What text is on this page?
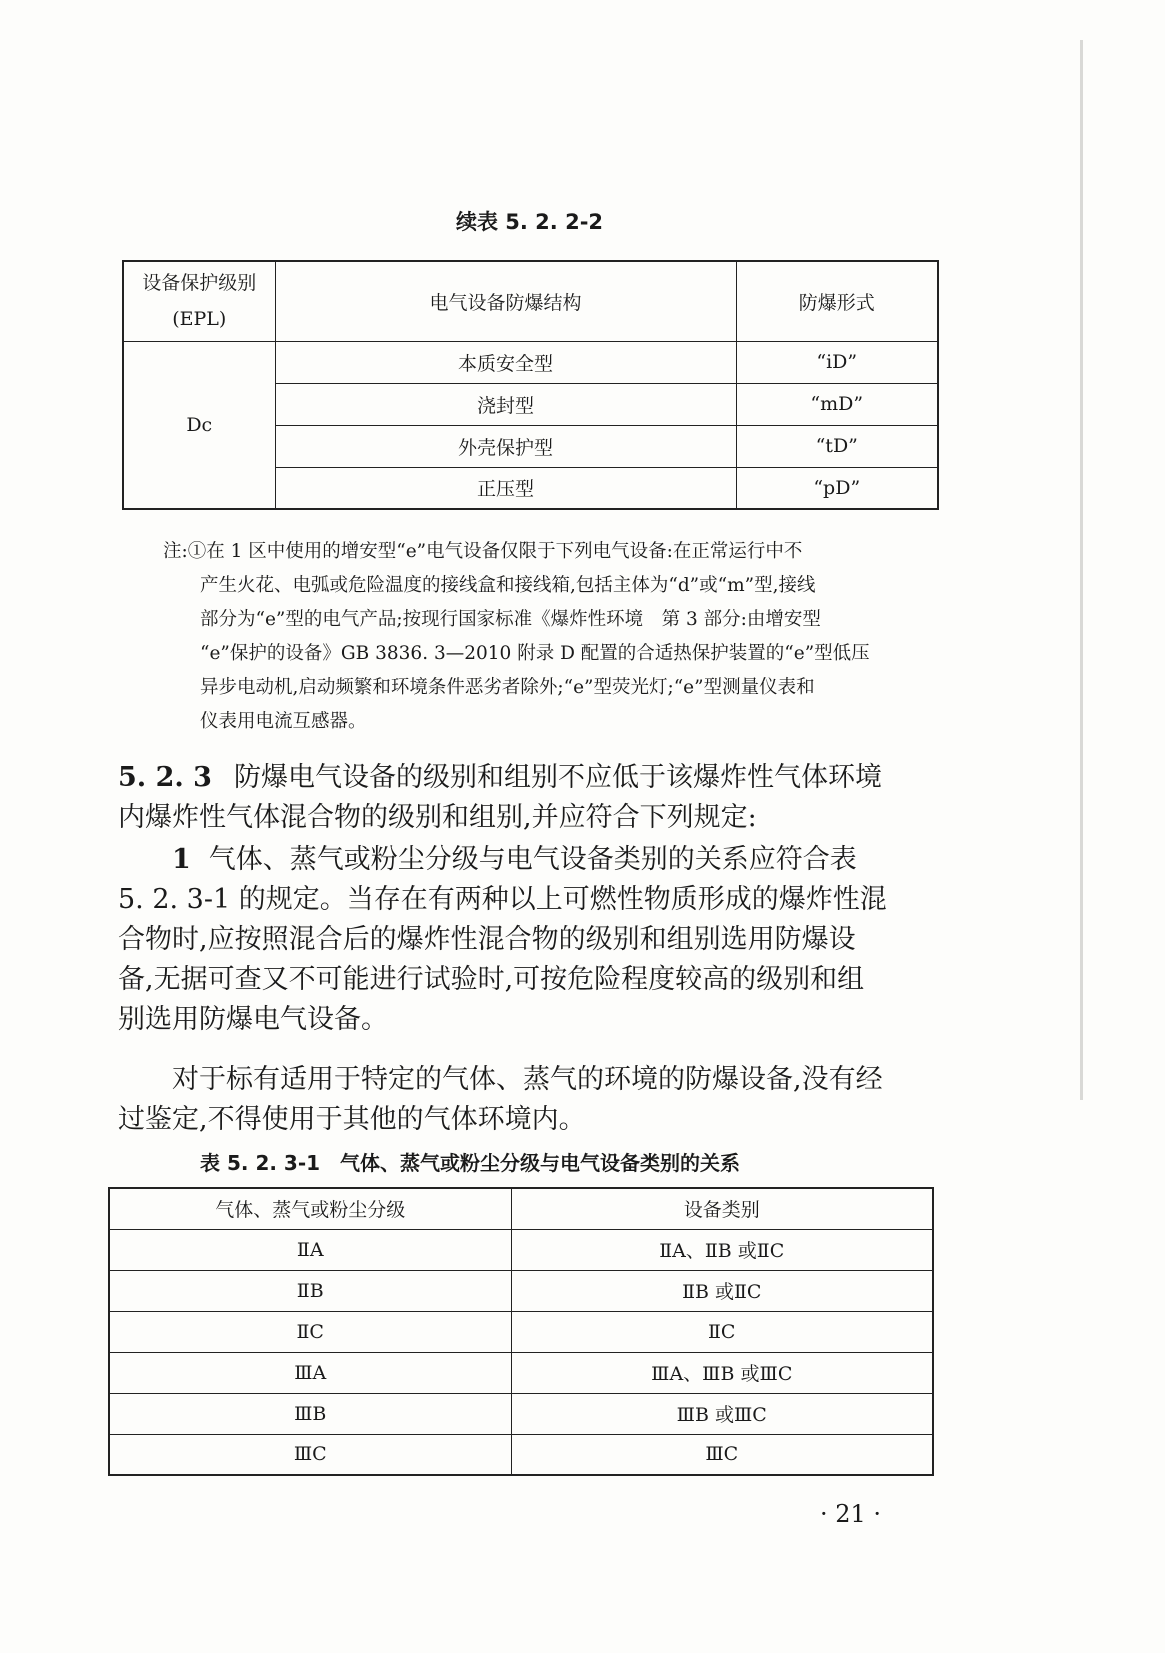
续表 5. 2. 2-2
设备保护级别
(EPL)	电气设备防爆结构	防爆形式
Dc	本质安全型	“iD”
	浇封型	“mD”
	外壳保护型	“tD”
	正压型	“pD”
注:①在 1 区中使用的增安型“e”电气设备仅限于下列电气设备:在正常运行中不
产生火花、电弧或危险温度的接线盒和接线箱,包括主体为“d”或“m”型,接线
部分为“e”型的电气产品;按现行国家标准《爆炸性环境　第 3 部分:由增安型
“e”保护的设备》GB 3836. 3—2010 附录 D 配置的合适热保护装置的“e”型低压
异步电动机,启动频繁和环境条件恶劣者除外;“e”型荧光灯;“e”型测量仪表和
仪表用电流互感器。
5. 2. 3 防爆电气设备的级别和组别不应低于该爆炸性气体环境
内爆炸性气体混合物的级别和组别,并应符合下列规定:
1 气体、蒸气或粉尘分级与电气设备类别的关系应符合表
5. 2. 3-1 的规定。当存在有两种以上可燃性物质形成的爆炸性混
合物时,应按照混合后的爆炸性混合物的级别和组别选用防爆设
备,无据可查又不可能进行试验时,可按危险程度较高的级别和组
别选用防爆电气设备。
对于标有适用于特定的气体、蒸气的环境的防爆设备,没有经
过鉴定,不得使用于其他的气体环境内。
表 5. 2. 3-1　气体、蒸气或粉尘分级与电气设备类别的关系
气体、蒸气或粉尘分级	设备类别
ⅡA	ⅡA、ⅡB 或ⅡC
ⅡB	ⅡB 或ⅡC
ⅡC	ⅡC
ⅢA	ⅢA、ⅢB 或ⅢC
ⅢB	ⅢB 或ⅢC
ⅢC	ⅢC
· 21 ·
